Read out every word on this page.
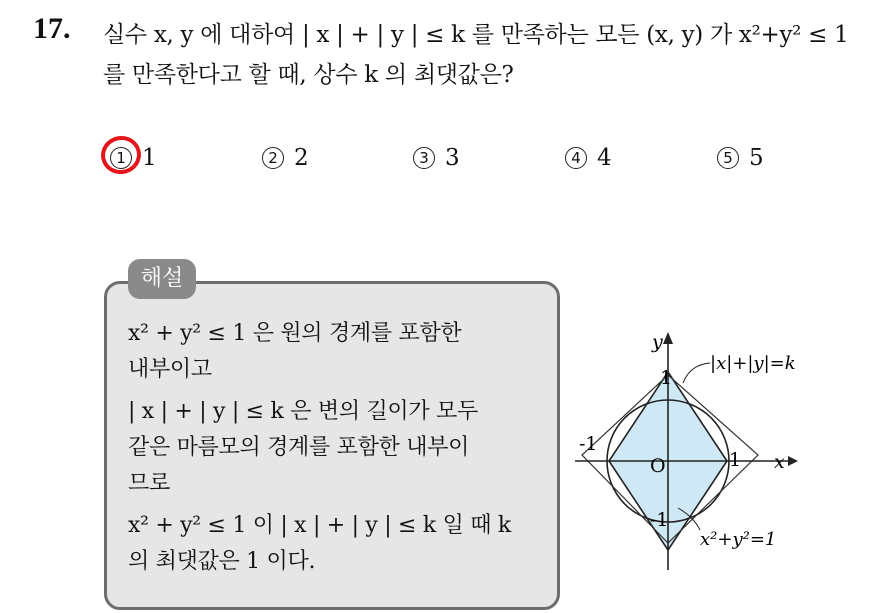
17. 실수 x, y 에 대하여 | x | + | y | ≤ k 를 만족하는 모든 (x, y) 가 x²+y² ≤ 1
를 만족한다고 할 때, 상수 k 의 최댓값은?
1 1	2 2	3 3	4 4	5 5
해설
x² + y² ≤ 1 은 원의 경계를 포함한
내부이고
| x | + | y | ≤ k 은 변의 길이가 모두
같은 마름모의 경계를 포함한 내부이
므로
x² + y² ≤ 1 이 | x | + | y | ≤ k 일 때 k
의 최댓값은 1 이다.
y
x
O
1
1
-1
-1
|x|+|y|=k
x²+y²=1
